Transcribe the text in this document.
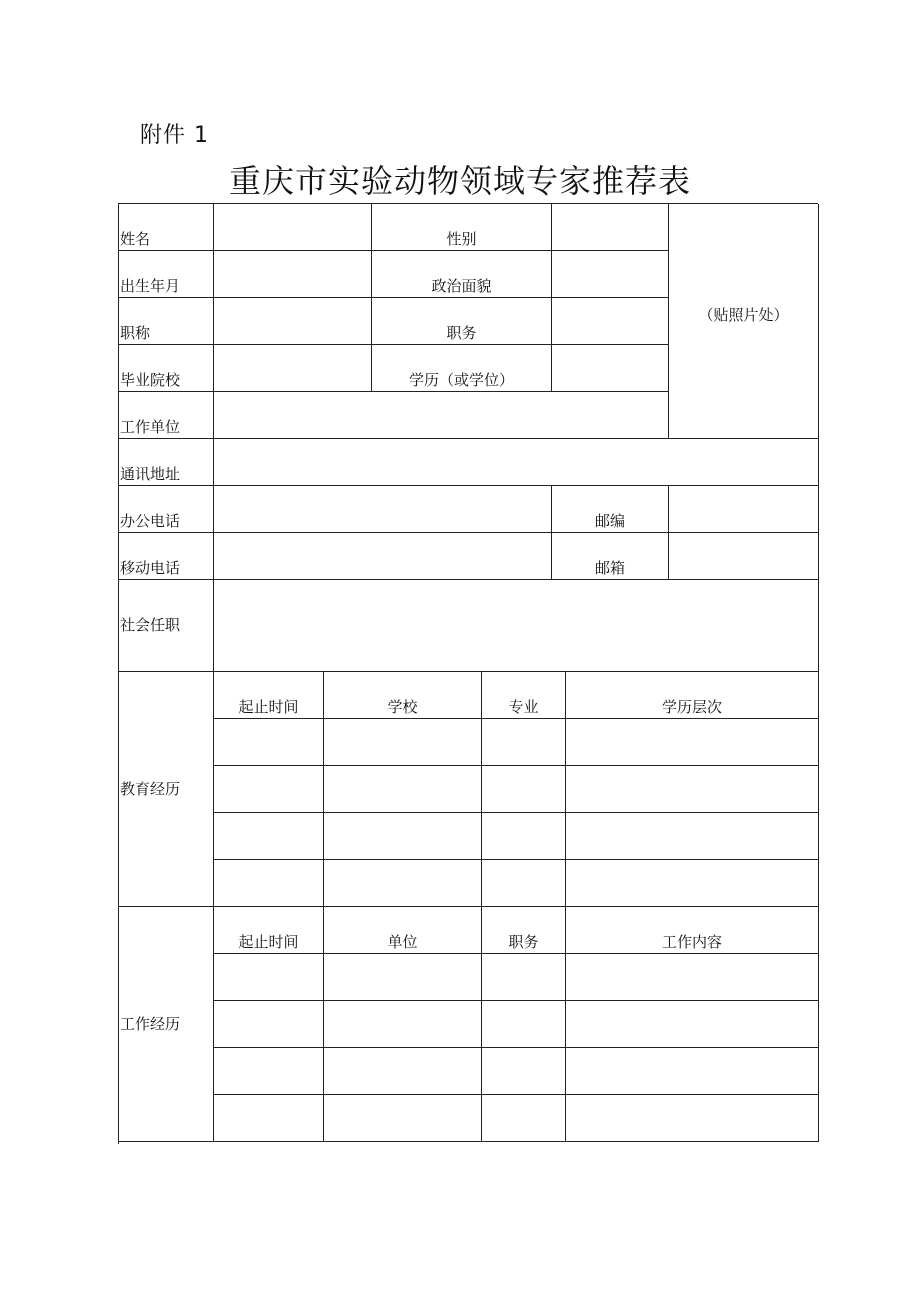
附件 1
重庆市实验动物领域专家推荐表
姓名	性别
（贴照片处）
出生年月	政治面貌
职称	职务
毕业院校	学历（或学位）
工作单位
通讯地址
办公电话	邮编
移动电话	邮箱
社会任职
教育经历
起止时间	学校	专业	学历层次
工作经历
起止时间	单位	职务	工作内容
